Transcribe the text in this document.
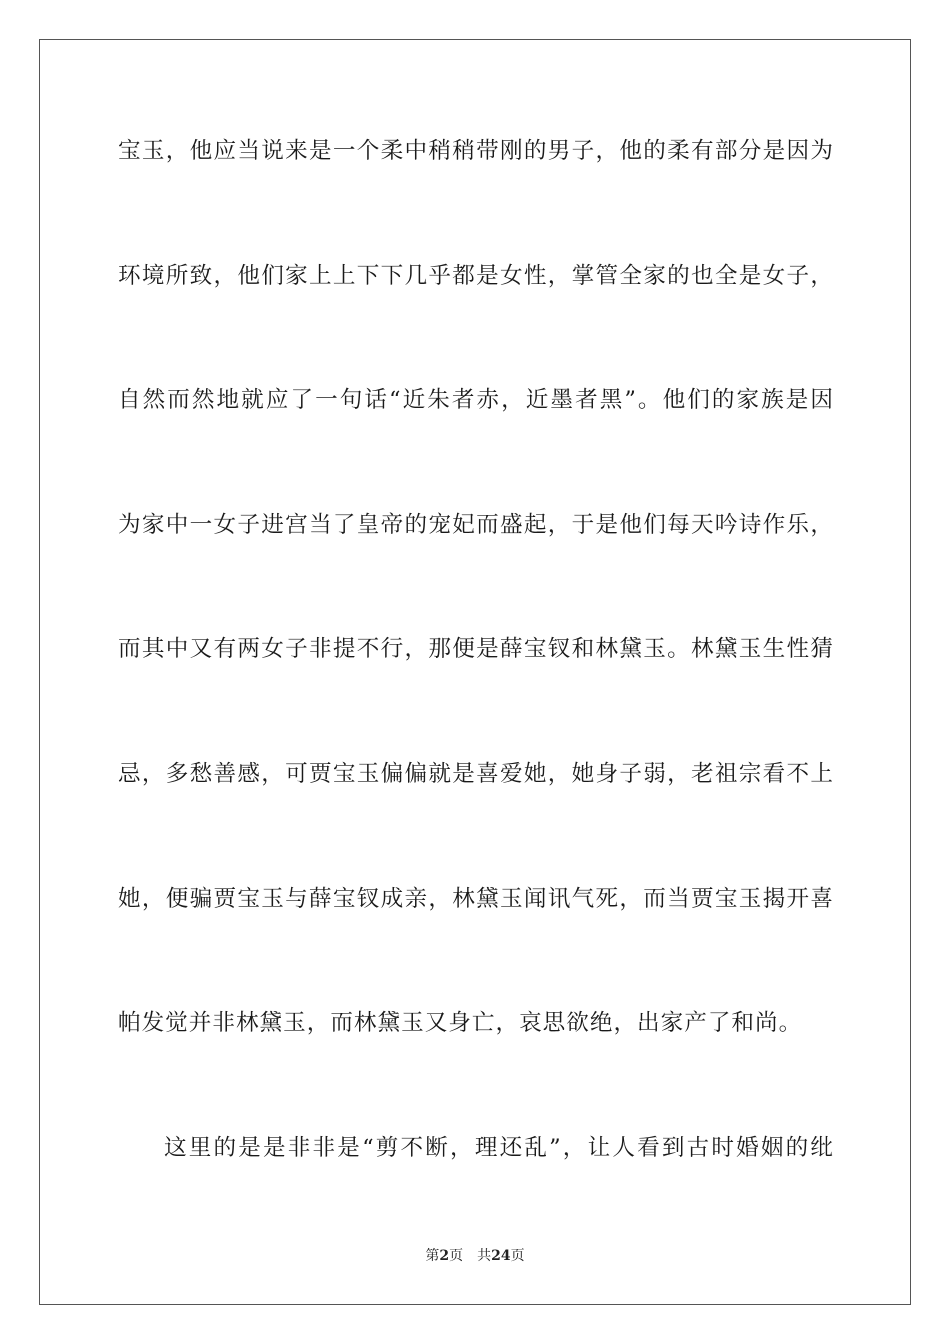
宝玉，他应当说来是一个柔中稍稍带刚的男子，他的柔有部分是因为
环境所致，他们家上上下下几乎都是女性，掌管全家的也全是女子，
自然而然地就应了一句话“近朱者赤，近墨者黑”。他们的家族是因
为家中一女子进宫当了皇帝的宠妃而盛起，于是他们每天吟诗作乐，
而其中又有两女子非提不行，那便是薛宝钗和林黛玉。林黛玉生性猜
忌，多愁善感，可贾宝玉偏偏就是喜爱她，她身子弱，老祖宗看不上
她，便骗贾宝玉与薛宝钗成亲，林黛玉闻讯气死，而当贾宝玉揭开喜
帕发觉并非林黛玉，而林黛玉又身亡，哀思欲绝，出家产了和尚。
这里的是是非非是“剪不断，理还乱”，让人看到古时婚姻的纰
第2页 共24页
